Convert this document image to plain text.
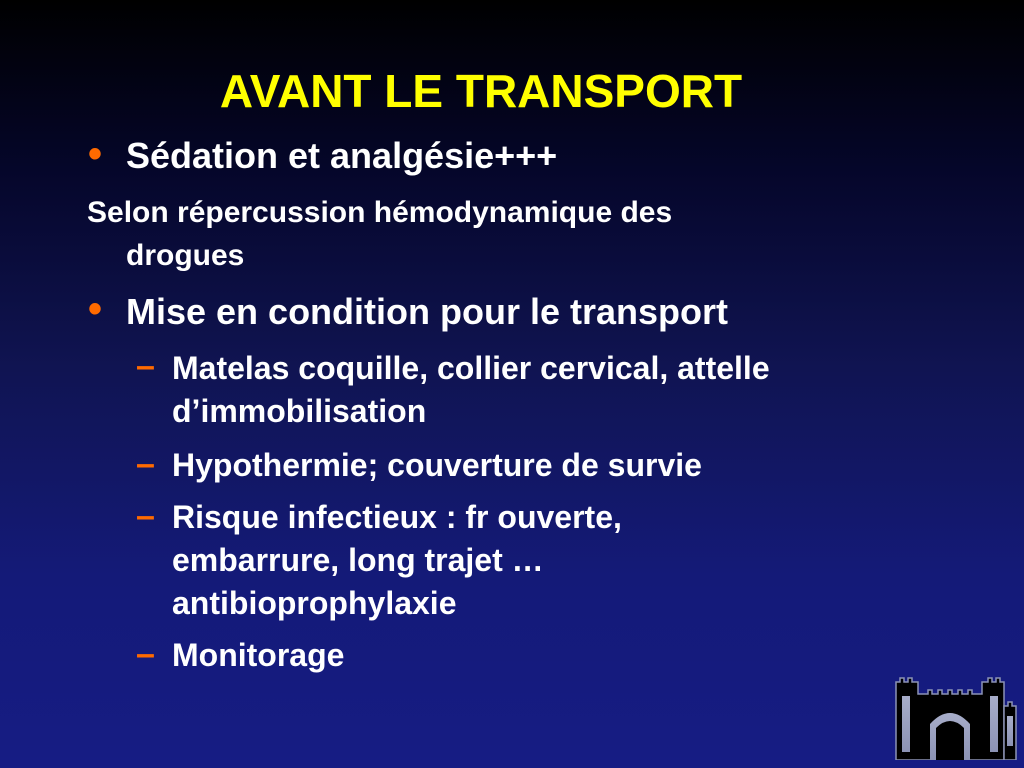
AVANT LE TRANSPORT
• Sédation et analgésie+++
Selon répercussion hémodynamique des
drogues
• Mise en condition pour le transport
– Matelas coquille, collier cervical, attelle
d’immobilisation
– Hypothermie; couverture de survie
– Risque infectieux : fr ouverte,
embarrure, long trajet …
antibioprophylaxie
– Monitorage
